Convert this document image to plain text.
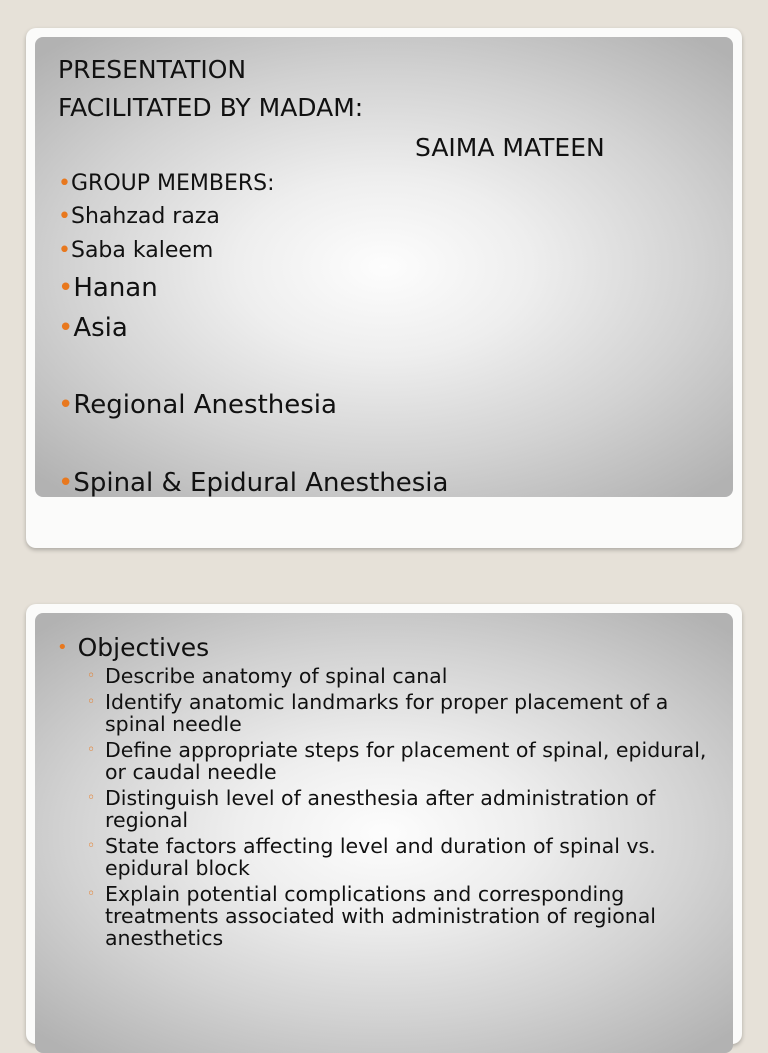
PRESENTATION
FACILITATED BY MADAM:
SAIMA MATEEN
•GROUP MEMBERS:
•Shahzad raza
•Saba kaleem
•Hanan
•Asia
•Regional Anesthesia
•Spinal & Epidural Anesthesia
• Objectives
◦ Describe anatomy of spinal canal
◦ Identify anatomic landmarks for proper placement of a spinal needle
◦ Define appropriate steps for placement of spinal, epidural, or caudal needle
◦ Distinguish level of anesthesia after administration of regional
◦ State factors affecting level and duration of spinal vs. epidural block
◦ Explain potential complications and corresponding treatments associated with administration of regional anesthetics
